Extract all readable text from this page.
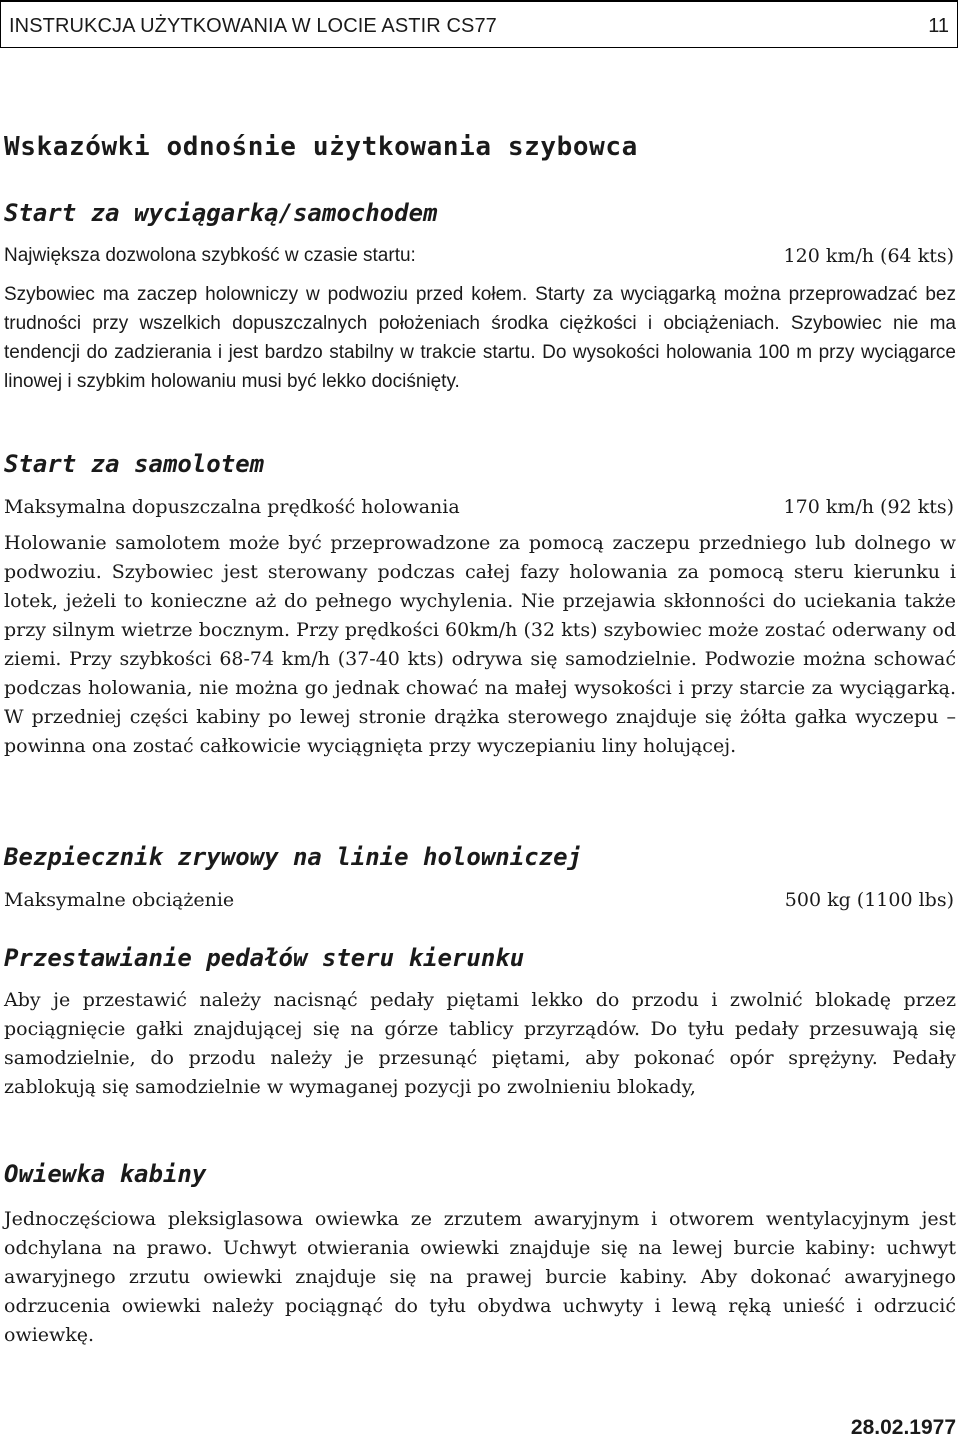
INSTRUKCJA UŻYTKOWANIA W LOCIE ASTIR CS77	11
Wskazówki odnośnie użytkowania szybowca
Start za wyciągarką/samochodem
Największa dozwolona szybkość w czasie startu:	120 km/h (64 kts)
Szybowiec ma zaczep holowniczy w podwoziu przed kołem. Starty za wyciągarką można przeprowadzać bez trudności przy wszelkich dopuszczalnych położeniach środka ciężkości i obciążeniach. Szybowiec nie ma tendencji do zadzierania i jest bardzo stabilny w trakcie startu. Do wysokości holowania 100 m przy wyciągarce linowej i szybkim holowaniu musi być lekko dociśnięty.
Start za samolotem
Maksymalna dopuszczalna prędkość holowania	170 km/h (92 kts)
Holowanie samolotem może być przeprowadzone za pomocą zaczepu przedniego lub dolnego w podwoziu. Szybowiec jest sterowany podczas całej fazy holowania za pomocą steru kierunku i lotek, jeżeli to konieczne aż do pełnego wychylenia. Nie przejawia skłonności do uciekania także przy silnym wietrze bocznym. Przy prędkości 60km/h (32 kts) szybowiec może zostać oderwany od ziemi. Przy szybkości 68-74 km/h (37-40 kts) odrywa się samodzielnie. Podwozie można schować podczas holowania, nie można go jednak chować na małej wysokości i przy starcie za wyciągarką. W przedniej części kabiny po lewej stronie drążka sterowego znajduje się żółta gałka wyczepu – powinna ona zostać całkowicie wyciągnięta przy wyczepianiu liny holującej.
Bezpiecznik zrywowy na linie holowniczej
Maksymalne obciążenie	500 kg (1100 lbs)
Przestawianie pedałów steru kierunku
Aby je przestawić należy nacisnąć pedały piętami lekko do przodu i zwolnić blokadę przez pociągnięcie gałki znajdującej się na górze tablicy przyrządów. Do tyłu pedały przesuwają się samodzielnie, do przodu należy je przesunąć piętami, aby pokonać opór sprężyny. Pedały zablokują się samodzielnie w wymaganej pozycji po zwolnieniu blokady,
Owiewka kabiny
Jednoczęściowa pleksiglasowa owiewka ze zrzutem awaryjnym i otworem wentylacyjnym jest odchylana na prawo. Uchwyt otwierania owiewki znajduje się na lewej burcie kabiny: uchwyt awaryjnego zrzutu owiewki znajduje się na prawej burcie kabiny. Aby dokonać awaryjnego odrzucenia owiewki należy pociągnąć do tyłu obydwa uchwyty i lewą ręką unieść i odrzucić owiewkę.
28.02.1977
